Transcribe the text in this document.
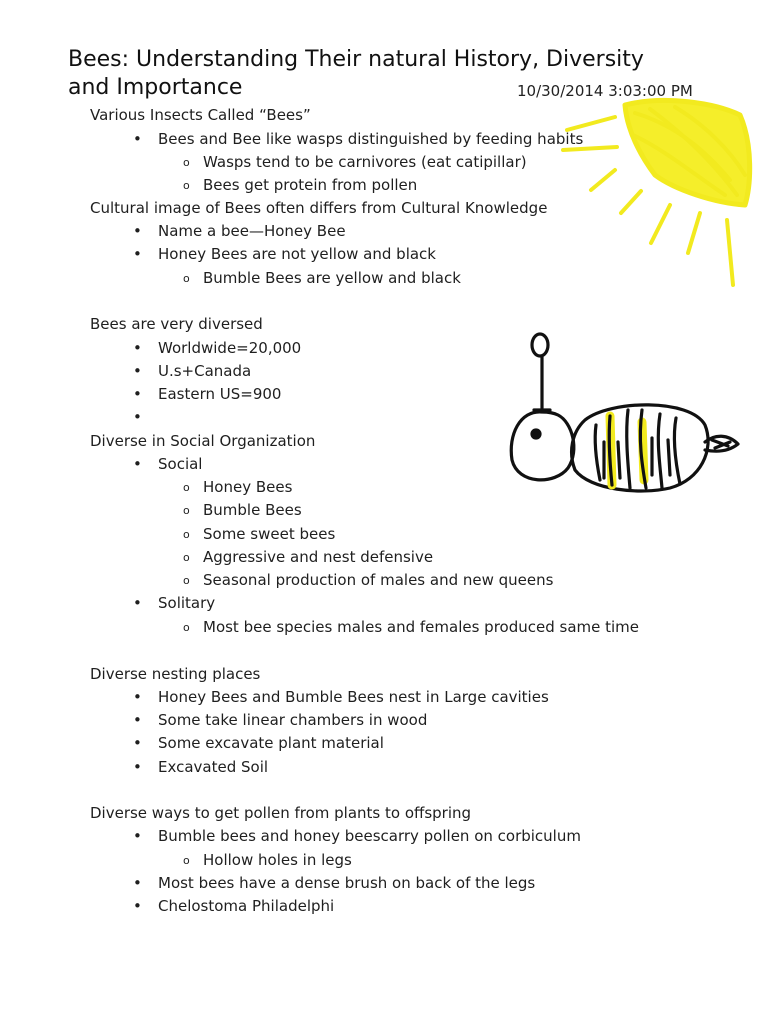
Bees: Understanding Their natural History, Diversity
and Importance	10/30/2014 3:03:00 PM
Various Insects Called “Bees”
• Bees and Bee like wasps distinguished by feeding habits
o Wasps tend to be carnivores (eat catipillar)
o Bees get protein from pollen
Cultural image of Bees often differs from Cultural Knowledge
• Name a bee—Honey Bee
• Honey Bees are not yellow and black
o Bumble Bees are yellow and black
Bees are very diversed
• Worldwide=20,000
• U.s+Canada
• Eastern US=900
•
Diverse in Social Organization
• Social
o Honey Bees
o Bumble Bees
o Some sweet bees
o Aggressive and nest defensive
o Seasonal production of males and new queens
• Solitary
o Most bee species males and females produced same time
Diverse nesting places
• Honey Bees and Bumble Bees nest in Large cavities
• Some take linear chambers in wood
• Some excavate plant material
• Excavated Soil
Diverse ways to get pollen from plants to offspring
• Bumble bees and honey beescarry pollen on corbiculum
o Hollow holes in legs
• Most bees have a dense brush on back of the legs
• Chelostoma Philadelphi
